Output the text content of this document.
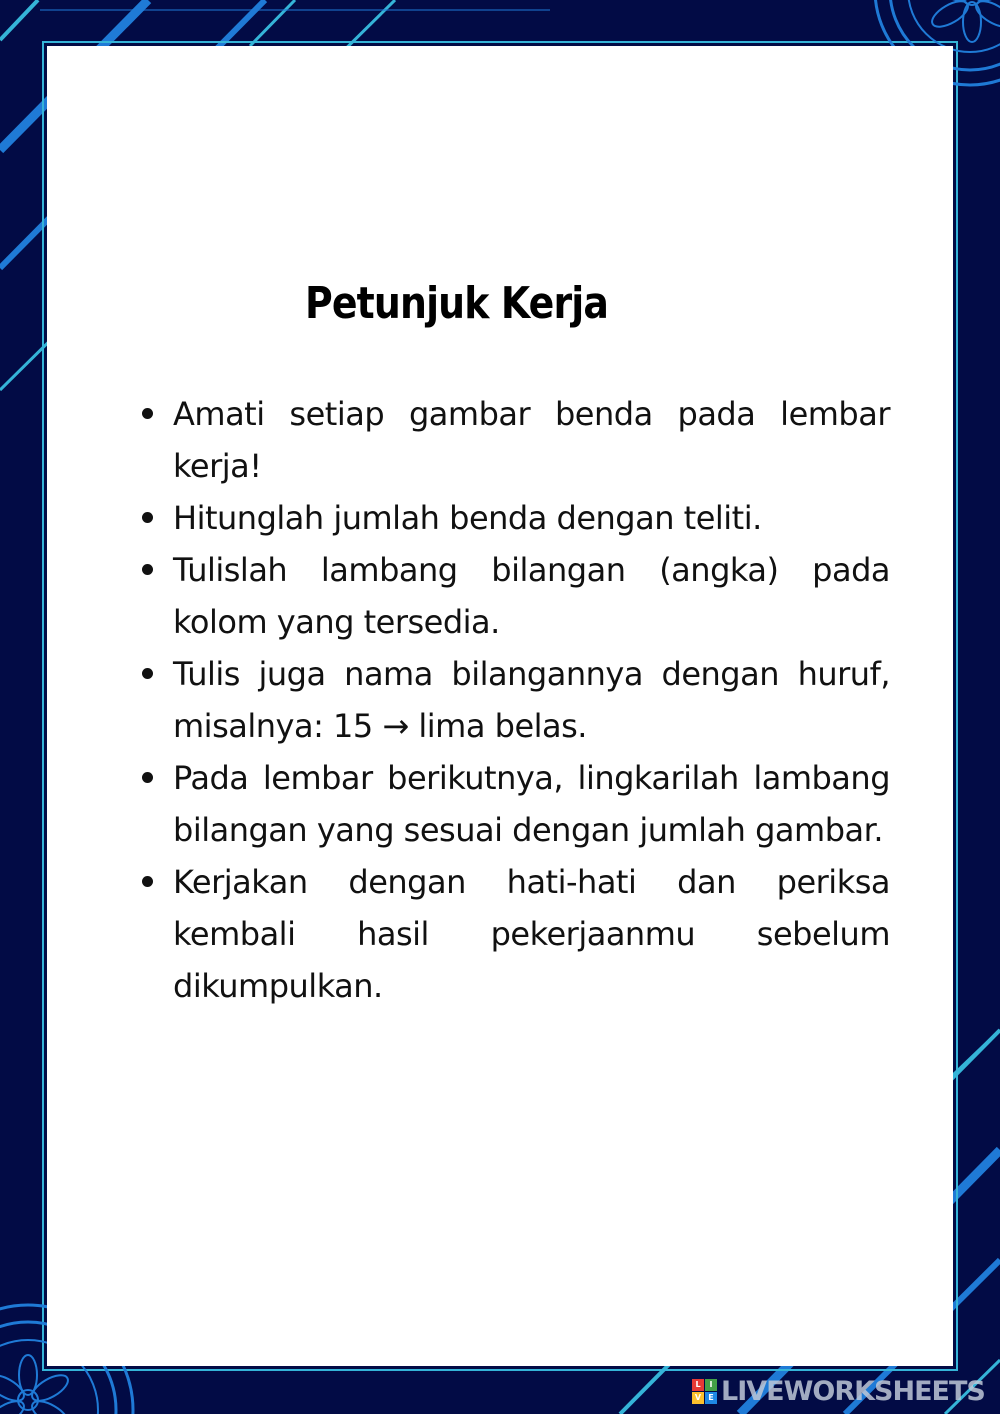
Petunjuk Kerja
Amati setiap gambar benda pada lembar kerja!
Hitunglah jumlah benda dengan teliti.
Tulislah lambang bilangan (angka) pada kolom yang tersedia.
Tulis juga nama bilangannya dengan huruf, misalnya: 15 → lima belas.
Pada lembar berikutnya, lingkarilah lambang bilangan yang sesuai dengan jumlah gambar.
Kerjakan dengan hati-hati dan periksa kembali hasil pekerjaanmu sebelum dikumpulkan.
L	I
V E LIVEWORKSHEETS
